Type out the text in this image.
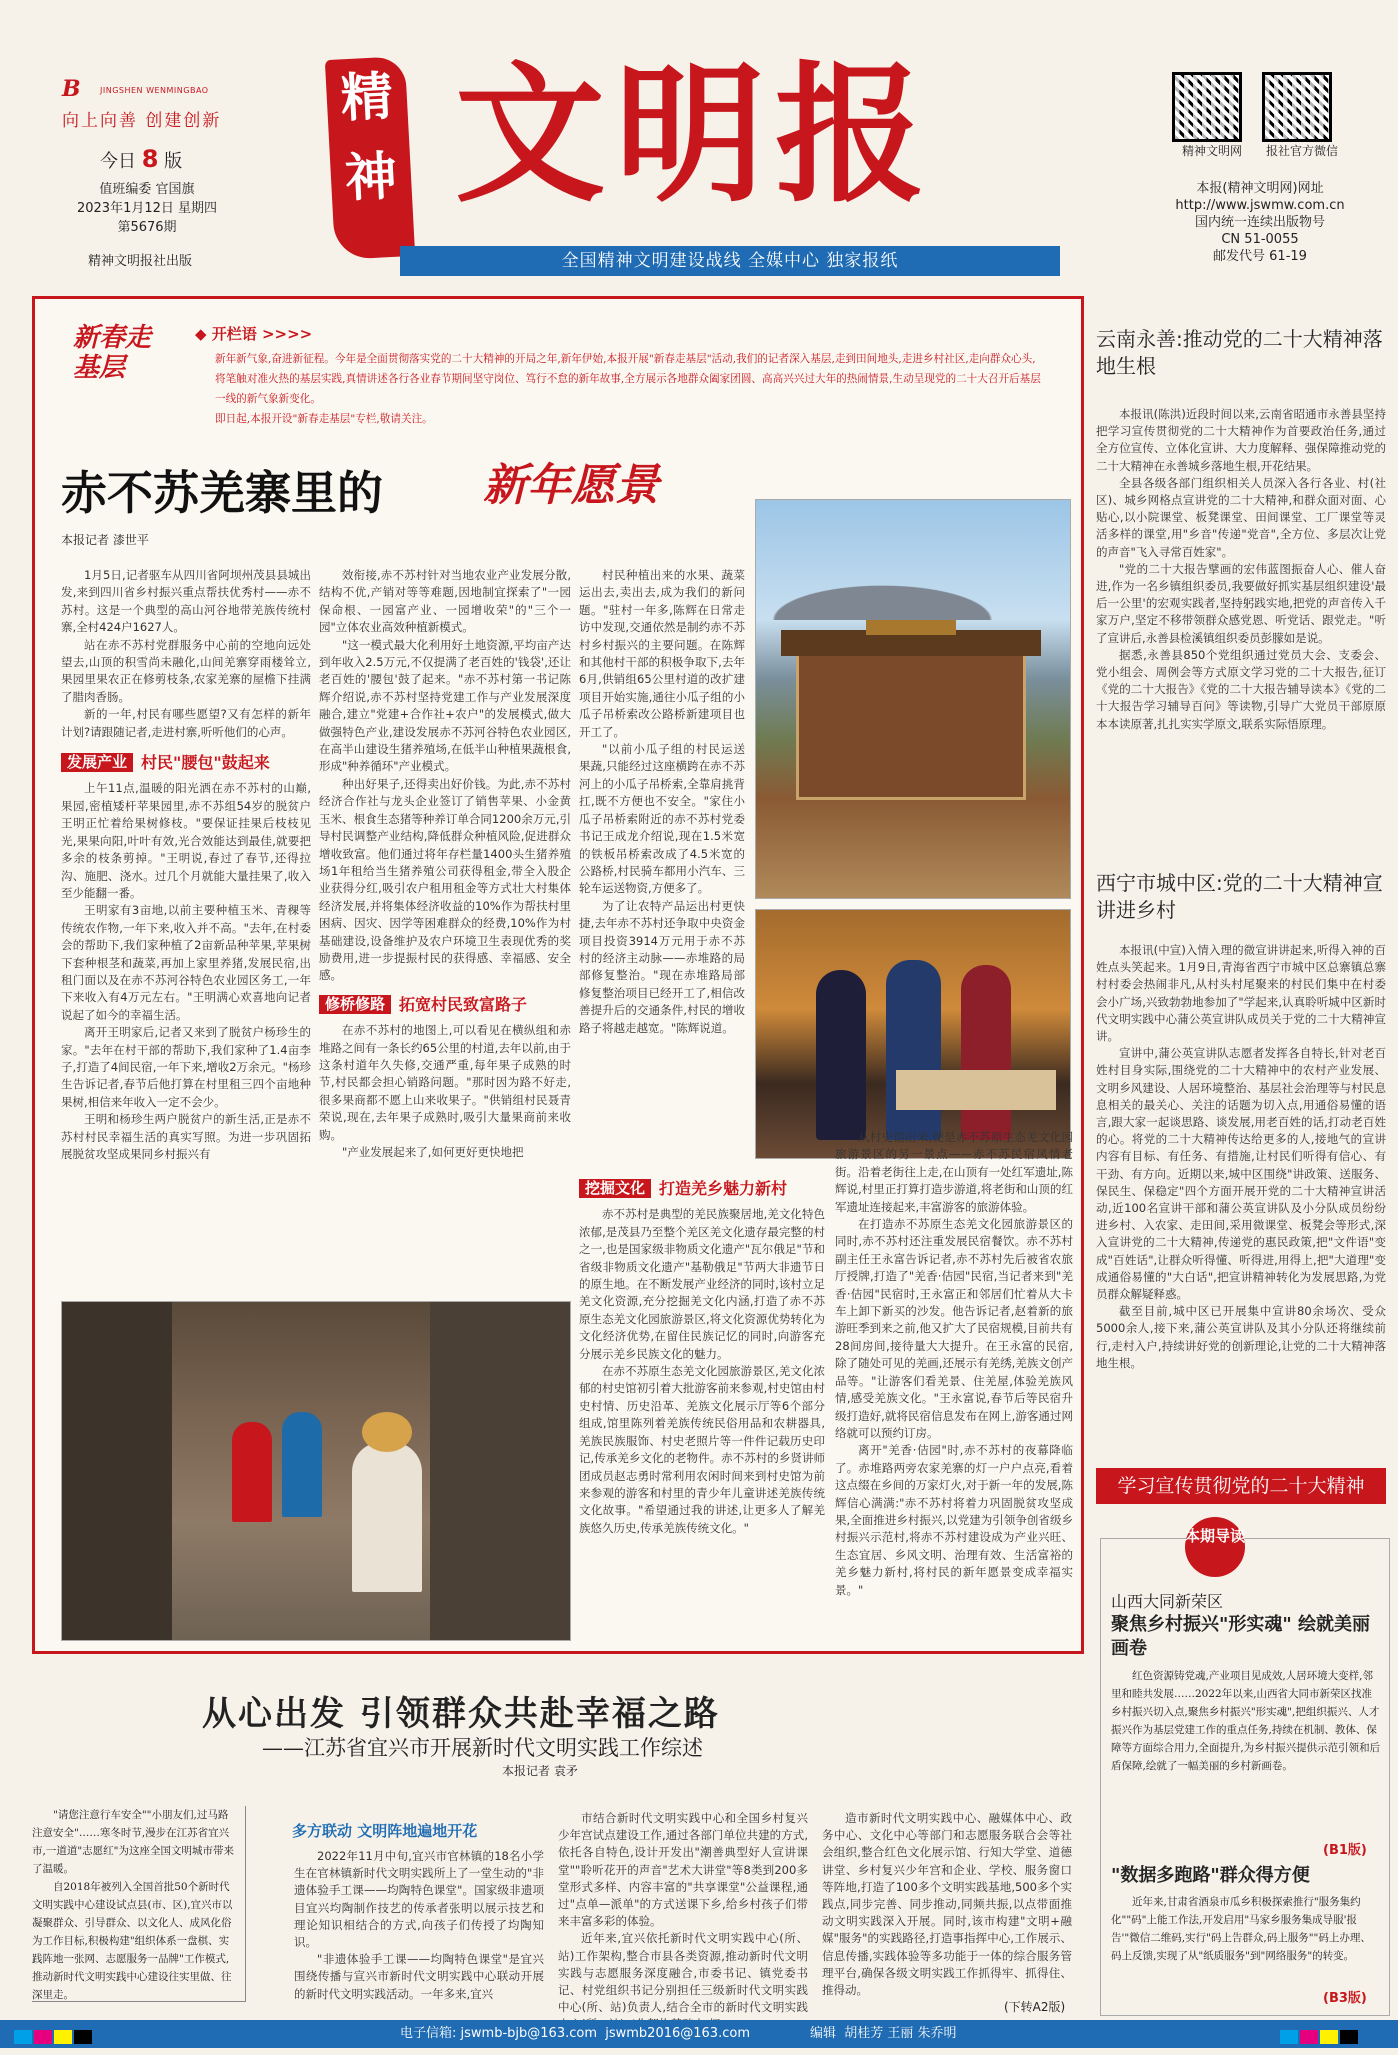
B JINGSHEN WENMINGBAO
向上向善 创建创新
今日 8 版
值班编委 官国旗
2023年1月12日 星期四
第5676期
精神文明报社出版
精
神 文明报
全国精神文明建设战线 全媒中心 独家报纸
精神文明网	报社官方微信
本报(精神文明网)网址
http://www.jswmw.com.cn
国内统一连续出版物号
CN 51-0055
邮发代号 61-19
新春走基层
◆ 开栏语 >>>>
新年新气象,奋进新征程。今年是全面贯彻落实党的二十大精神的开局之年,新年伊始,本报开展"新春走基层"活动,我们的记者深入基层,走到田间地头,走进乡村社区,走向群众心头,将笔触对准火热的基层实践,真情讲述各行各业春节期间坚守岗位、笃行不怠的新年故事,全方展示各地群众阖家团圆、高高兴兴过大年的热闹情景,生动呈现党的二十大召开后基层一线的新气象新变化。
即日起,本报开设"新春走基层"专栏,敬请关注。
赤不苏羌寨里的 新年愿景
本报记者 漆世平

1月5日,记者驱车从四川省阿坝州茂县县城出发,来到四川省乡村振兴重点帮扶优秀村——赤不苏村。这是一个典型的高山河谷地带羌族传统村寨,全村424户1627人。

站在赤不苏村党群服务中心前的空地向远处望去,山顶的积雪尚未融化,山间羌寨穿雨楼耸立,果园里果农正在修剪枝条,农家羌寨的屋檐下挂满了腊肉香肠。

新的一年,村民有哪些愿望?又有怎样的新年计划?请跟随记者,走进村寨,听听他们的心声。

发展产业 村民"腰包"鼓起来

上午11点,温暖的阳光洒在赤不苏村的山巅,果园,密植矮杆苹果园里,赤不苏组54岁的脱贫户王明正忙着给果树修枝。"要保证挂果后枝枝见光,果果向阳,叶叶有效,光合效能达到最佳,就要把多余的枝条剪掉。"王明说,春过了春节,还得拉沟、施肥、浇水。过几个月就能大量挂果了,收入至少能翻一番。

王明家有3亩地,以前主要种植玉米、青稞等传统农作物,一年下来,收入并不高。"去年,在村委会的帮助下,我们家种植了2亩新品种苹果,苹果树下套种根茎和蔬菜,再加上家里养猪,发展民宿,出租门面以及在赤不苏河谷特色农业园区务工,一年下来收入有4万元左右。"王明满心欢喜地向记者说起了如今的幸福生活。

离开王明家后,记者又来到了脱贫户杨珍生的家。"去年在村干部的帮助下,我们家种了1.4亩李子,打造了4间民宿,一年下来,增收2万余元。"杨珍生告诉记者,春节后他打算在村里租三四个亩地种果树,相信来年收入一定不会少。

王明和杨珍生两户脱贫户的新生活,正是赤不苏村村民幸福生活的真实写照。为进一步巩固拓展脱贫攻坚成果同乡村振兴有

效衔接,赤不苏村针对当地农业产业发展分散,结构不优,产销对等等难题,因地制宜探索了"一园保命根、一园富产业、一园增收荣"的"三个一园"立体农业高效种植新模式。

"这一模式最大化利用好土地资源,平均亩产达到年收入2.5万元,不仅提满了老百姓的'钱袋',还让老百姓的'腰包'鼓了起来。"赤不苏村第一书记陈辉介绍说,赤不苏村坚持党建工作与产业发展深度融合,建立"党建+合作社+农户"的发展模式,做大做强特色产业,建设发展赤不苏河谷特色农业园区,在高半山建设生猪养殖场,在低半山种植果蔬根食,形成"种养循环"产业模式。

种出好果子,还得卖出好价钱。为此,赤不苏村经济合作社与龙头企业签订了销售苹果、小金黄玉米、根食生态猪等种养订单合同1200余万元,引导村民调整产业结构,降低群众种植风险,促进群众增收致富。他们通过将年存栏量1400头生猪养殖场1年租给当生猪养殖公司获得租金,带全入股企业获得分红,吸引农户租用租金等方式壮大村集体经济发展,并将集体经济收益的10%作为帮扶村里困病、因灾、因学等困难群众的经费,10%作为村基础建设,设备维护及农户环境卫生表现优秀的奖励费用,进一步提振村民的获得感、幸福感、安全感。

修桥修路 拓宽村民致富路子

在赤不苏村的地图上,可以看见在横纵组和赤堆路之间有一条长约65公里的村道,去年以前,由于这条村道年久失修,交通严重,每年果子成熟的时节,村民都会担心销路问题。"那时因为路不好走,很多果商都不愿上山来收果子。"供销组村民聂青荣说,现在,去年果子成熟时,吸引大量果商前来收购。

"产业发展起来了,如何更好更快地把

村民种植出来的水果、蔬菜运出去,卖出去,成为我们的新问题。"驻村一年多,陈辉在日常走访中发现,交通依然是制约赤不苏村乡村振兴的主要问题。在陈辉和其他村干部的积极争取下,去年6月,供销组65公里村道的改扩建项目开始实施,通往小瓜子组的小瓜子吊桥索改公路桥新建项目也开工了。

"以前小瓜子组的村民运送果蔬,只能经过这座横跨在赤不苏河上的小瓜子吊桥索,全靠肩挑背扛,既不方便也不安全。"家住小瓜子吊桥索附近的赤不苏村党委书记王成龙介绍说,现在1.5米宽的铁板吊桥索改成了4.5米宽的公路桥,村民骑车都用小汽车、三轮车运送物资,方便多了。

为了让农特产品运出村更快捷,去年赤不苏村还争取中央资金项目投资3914万元用于赤不苏村的经济主动脉——赤堆路的局部修复整治。"现在赤堆路局部修复整治项目已经开工了,相信改善提升后的交通条件,村民的增收路子将越走越宽。"陈辉说道。

挖掘文化 打造羌乡魅力新村

赤不苏村是典型的羌民族聚居地,羌文化特色浓郁,是茂县乃至整个羌区羌文化遗存最完整的村之一,也是国家级非物质文化遗产"瓦尔俄足"节和省级非物质文化遗产"基勒俄足"节两大非遗节日的原生地。在不断发展产业经济的同时,该村立足羌文化资源,充分挖掘羌文化内涵,打造了赤不苏原生态羌文化园旅游景区,将文化资源优势转化为文化经济优势,在留住民族记忆的同时,向游客充分展示羌乡民族文化的魅力。

在赤不苏原生态羌文化园旅游景区,羌文化浓郁的村史馆初引着大批游客前来参观,村史馆由村史村情、历史沿革、羌族文化展示厅等6个部分组成,馆里陈列着羌族传统民俗用品和农耕器具,羌族民族服饰、村史老照片等一件件记载历史印记,传承羌乡文化的老物件。赤不苏村的乡贤讲师团成员赵志勇时常利用农闲时间来到村史馆为前来参观的游客和村里的青少年儿童讲述羌族传统文化故事。"希望通过我的讲述,让更多人了解羌族悠久历史,传承羌族传统文化。"

从村史馆出来,便是赤不苏原生态羌文化园旅游景区的另一景点——赤不苏民宿风情老街。沿着老街往上走,在山顶有一处红军遗址,陈辉说,村里正打算打造步游道,将老街和山顶的红军遗址连接起来,丰富游客的旅游体验。

在打造赤不苏原生态羌文化园旅游景区的同时,赤不苏村还注重发展民宿餐饮。赤不苏村副主任王永富告诉记者,赤不苏村先后被省农旅厅授牌,打造了"羌香·佶园"民宿,当记者来到"羌香·佶园"民宿时,王永富正和邻居们忙着从大卡车上卸下新买的沙发。他告诉记者,赵着新的旅游旺季到来之前,他又扩大了民宿规模,目前共有28间房间,接待量大大提升。在王永富的民宿,除了随处可见的羌画,还展示有羌绣,羌族文创产品等。"让游客们看羌景、住羌屋,体验羌族风情,感受羌族文化。"王永富说,春节后等民宿升级打造好,就将民宿信息发布在网上,游客通过网络就可以预约订房。

离开"羌香·佶园"时,赤不苏村的夜幕降临了。赤堆路两旁农家羌寨的灯一户户点亮,看着这点缀在乡间的万家灯火,对于新一年的发展,陈辉信心满满:"赤不苏村将着力巩固脱贫攻坚成果,全面推进乡村振兴,以党建为引领争创省级乡村振兴示范村,将赤不苏村建设成为产业兴旺、生态宜居、乡风文明、治理有效、生活富裕的羌乡魅力新村,将村民的新年愿景变成幸福实景。"

云南永善:推动党的二十大精神落地生根

本报讯(陈洪)近段时间以来,云南省昭通市永善县坚持把学习宣传贯彻党的二十大精神作为首要政治任务,通过全方位宣传、立体化宣讲、大力度解释、强保障推动党的二十大精神在永善城乡落地生根,开花结果。

全县各级各部门组织相关人员深入各行各业、村(社区)、城乡网格点宣讲党的二十大精神,和群众面对面、心贴心,以小院课堂、板凳课堂、田间课堂、工厂课堂等灵活多样的课堂,用"乡音"传递"党音",全方位、多层次让党的声音"飞入寻常百姓家"。

"党的二十大报告擘画的宏伟蓝图振奋人心、催人奋进,作为一名乡镇组织委员,我要做好抓实基层组织建设'最后一公里'的宏观实践者,坚持躬践实地,把党的声音传入千家万户,坚定不移带领群众感党恩、听党话、跟党走。"听了宣讲后,永善县检溪镇组织委员彭朦如是说。

据悉,永善县850个党组织通过党员大会、支委会、党小组会、周例会等方式原文学习党的二十大报告,征订《党的二十大报告》《党的二十大报告辅导读本》《党的二十大报告学习辅导百问》等读物,引导广大党员干部原原本本读原著,扎扎实实学原文,联系实际悟原理。

西宁市城中区:党的二十大精神宣讲进乡村

本报讯(中宣)入情入理的微宣讲讲起来,听得入神的百姓点头笑起来。1月9日,青海省西宁市城中区总寨镇总寨村村委会热闹非凡,从村头村尾聚来的村民们集中在村委会小广场,兴致勃勃地参加了"学起来,认真聆听城中区新时代文明实践中心蒲公英宣讲队成员关于党的二十大精神宣讲。

宣讲中,蒲公英宣讲队志愿者发挥各自特长,针对老百姓村目身实际,围绕党的二十大精神中的农村产业发展、文明乡风建设、人居环境整治、基层社会治理等与村民息息相关的最关心、关注的话题为切入点,用通俗易懂的语言,跟大家一起谈思路、谈发展,用老百姓的话,打动老百姓的心。将党的二十大精神传达给更多的人,接地气的宣讲内容有目标、有任务、有措施,让村民们听得有信心、有干劲、有方向。近期以来,城中区围绕"讲政策、送服务、保民生、保稳定"四个方面开展开党的二十大精神宣讲活动,近100名宣讲干部和蒲公英宣讲队及小分队成员纷纷进乡村、入农家、走田间,采用微课堂、板凳会等形式,深入宣讲党的二十大精神,传递党的惠民政策,把"文件语"变成"百姓话",让群众听得懂、听得进,用得上,把"大道理"变成通俗易懂的"大白话",把宣讲精神转化为发展思路,为党员群众解疑释惑。

截至目前,城中区已开展集中宣讲80余场次、受众5000余人,接下来,蒲公英宣讲队及其小分队还将继续前行,走村入户,持续讲好党的创新理论,让党的二十大精神落地生根。

学习宣传贯彻党的二十大精神
本期导读
山西大同新荣区
聚焦乡村振兴"形实魂" 绘就美丽画卷
红色资源铸党魂,产业项目见成效,人居环境大变样,邻里和睦共发展……2022年以来,山西省大同市新荣区找准乡村振兴切入点,聚焦乡村振兴"形实魂",把组织振兴、人才振兴作为基层党建工作的重点任务,持续在机制、教体、保障等方面综合用力,全面提升,为乡村振兴提供示范引领和后盾保障,绘就了一幅美丽的乡村新画卷。
(B1版)
"数据多跑路"群众得方便
近年来,甘肃省酒泉市瓜乡积极探索推行"服务集约化""码"上能工作法,开发启用"马家乡服务集成导服'报告'"微信二维码,实行"码上告群众,码上服务""码上办理、码上反馈,实现了从"纸质服务"到"网络服务"的转变。
(B3版)
从心出发 引领群众共赴幸福之路
——江苏省宜兴市开展新时代文明实践工作综述
本报记者 袁矛

"请您注意行车安全""小朋友们,过马路注意安全"……寒冬时节,漫步在江苏省宜兴市,一道道"志愿红"为这座全国文明城市带来了温暖。

自2018年被列入全国首批50个新时代文明实践中心建设试点县(市、区),宜兴市以凝聚群众、引导群众、以文化人、成风化俗为工作目标,积极构建"组织体系一盘棋、实践阵地一张网、志愿服务一品牌"工作模式,推动新时代文明实践中心建设往实里做、往深里走。

多方联动 文明阵地遍地开花

2022年11月中旬,宜兴市官林镇的18名小学生在官林镇新时代文明实践所上了一堂生动的"非遗体验手工课——均陶特色课堂"。国家级非遗项目宜兴均陶制作技艺的传承者张明以展示技艺和理论知识相结合的方式,向孩子们传授了均陶知识。

"非遗体验手工课——均陶特色课堂"是宜兴围绕传播与宣兴市新时代文明实践中心联动开展的新时代文明实践活动。一年多来,宜兴

市结合新时代文明实践中心和全国乡村复兴少年宫试点建设工作,通过各部门单位共建的方式,依托各自特色,设计开发出"潮善典型好人宣讲课堂""聆听花开的声音"艺术大讲堂"等8类到200多堂形式多样、内容丰富的"共享课堂"公益课程,通过"点单—派单"的方式送课下乡,给乡村孩子们带来丰富多彩的体验。

近年来,宜兴依托新时代文明实践中心(所、站)工作架构,整合市县各类资源,推动新时代文明实践与志愿服务深度融合,市委书记、镇党委书记、村党组织书记分别担任三级新时代文明实践中心(所、站)负责人,结合全市的新时代文明实践

造市新时代文明实践中心、融媒体中心、政务中心、文化中心等部门和志愿服务联合会等社会组织,整合红色文化展示馆、行知大学堂、道德讲堂、乡村复兴少年宫和企业、学校、服务窗口等阵地,打造了100多个文明实践基地,500多个实践点,同步完善、同步推动,同频共振,以点带面推动文明实践深入开展。同时,该市构建"文明+融媒"服务"的实践路径,打造事指挥中心,工作展示、信息传播,实践体验等多功能于一体的综合服务管理平台,确保各级文明实践工作抓得牢、抓得住、推得动。

(下转A2版)
电子信箱: jswmb-bjb@163.com jswmb2016@163.com	编辑 胡桂芳 王丽 朱乔明
